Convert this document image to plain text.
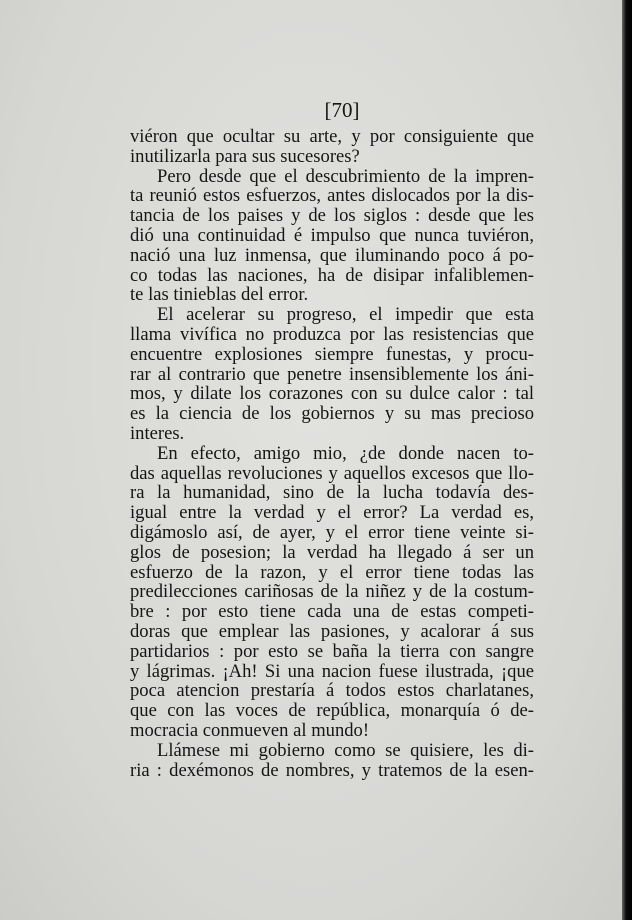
[70]
viéron que ocultar su arte, y por consiguiente que
inutilizarla para sus sucesores?
Pero desde que el descubrimiento de la impren-
ta reunió estos esfuerzos, antes dislocados por la dis-
tancia de los paises y de los siglos : desde que les
dió una continuidad é impulso que nunca tuviéron,
nació una luz inmensa, que iluminando poco á po-
co todas las naciones, ha de disipar infaliblemen-
te las tinieblas del error.
El acelerar su progreso, el impedir que esta
llama vivífica no produzca por las resistencias que
encuentre explosiones siempre funestas, y procu-
rar al contrario que penetre insensiblemente los áni-
mos, y dilate los corazones con su dulce calor : tal
es la ciencia de los gobiernos y su mas precioso
interes.
En efecto, amigo mio, ¿de donde nacen to-
das aquellas revoluciones y aquellos excesos que llo-
ra la humanidad, sino de la lucha todavía des-
igual entre la verdad y el error? La verdad es,
digámoslo así, de ayer, y el error tiene veinte si-
glos de posesion; la verdad ha llegado á ser un
esfuerzo de la razon, y el error tiene todas las
predilecciones cariñosas de la niñez y de la costum-
bre : por esto tiene cada una de estas competi-
doras que emplear las pasiones, y acalorar á sus
partidarios : por esto se baña la tierra con sangre
y lágrimas. ¡Ah! Si una nacion fuese ilustrada, ¡que
poca atencion prestaría á todos estos charlatanes,
que con las voces de república, monarquía ó de-
mocracia conmueven al mundo!
Llámese mi gobierno como se quisiere, les di-
ria : dexémonos de nombres, y tratemos de la esen-
